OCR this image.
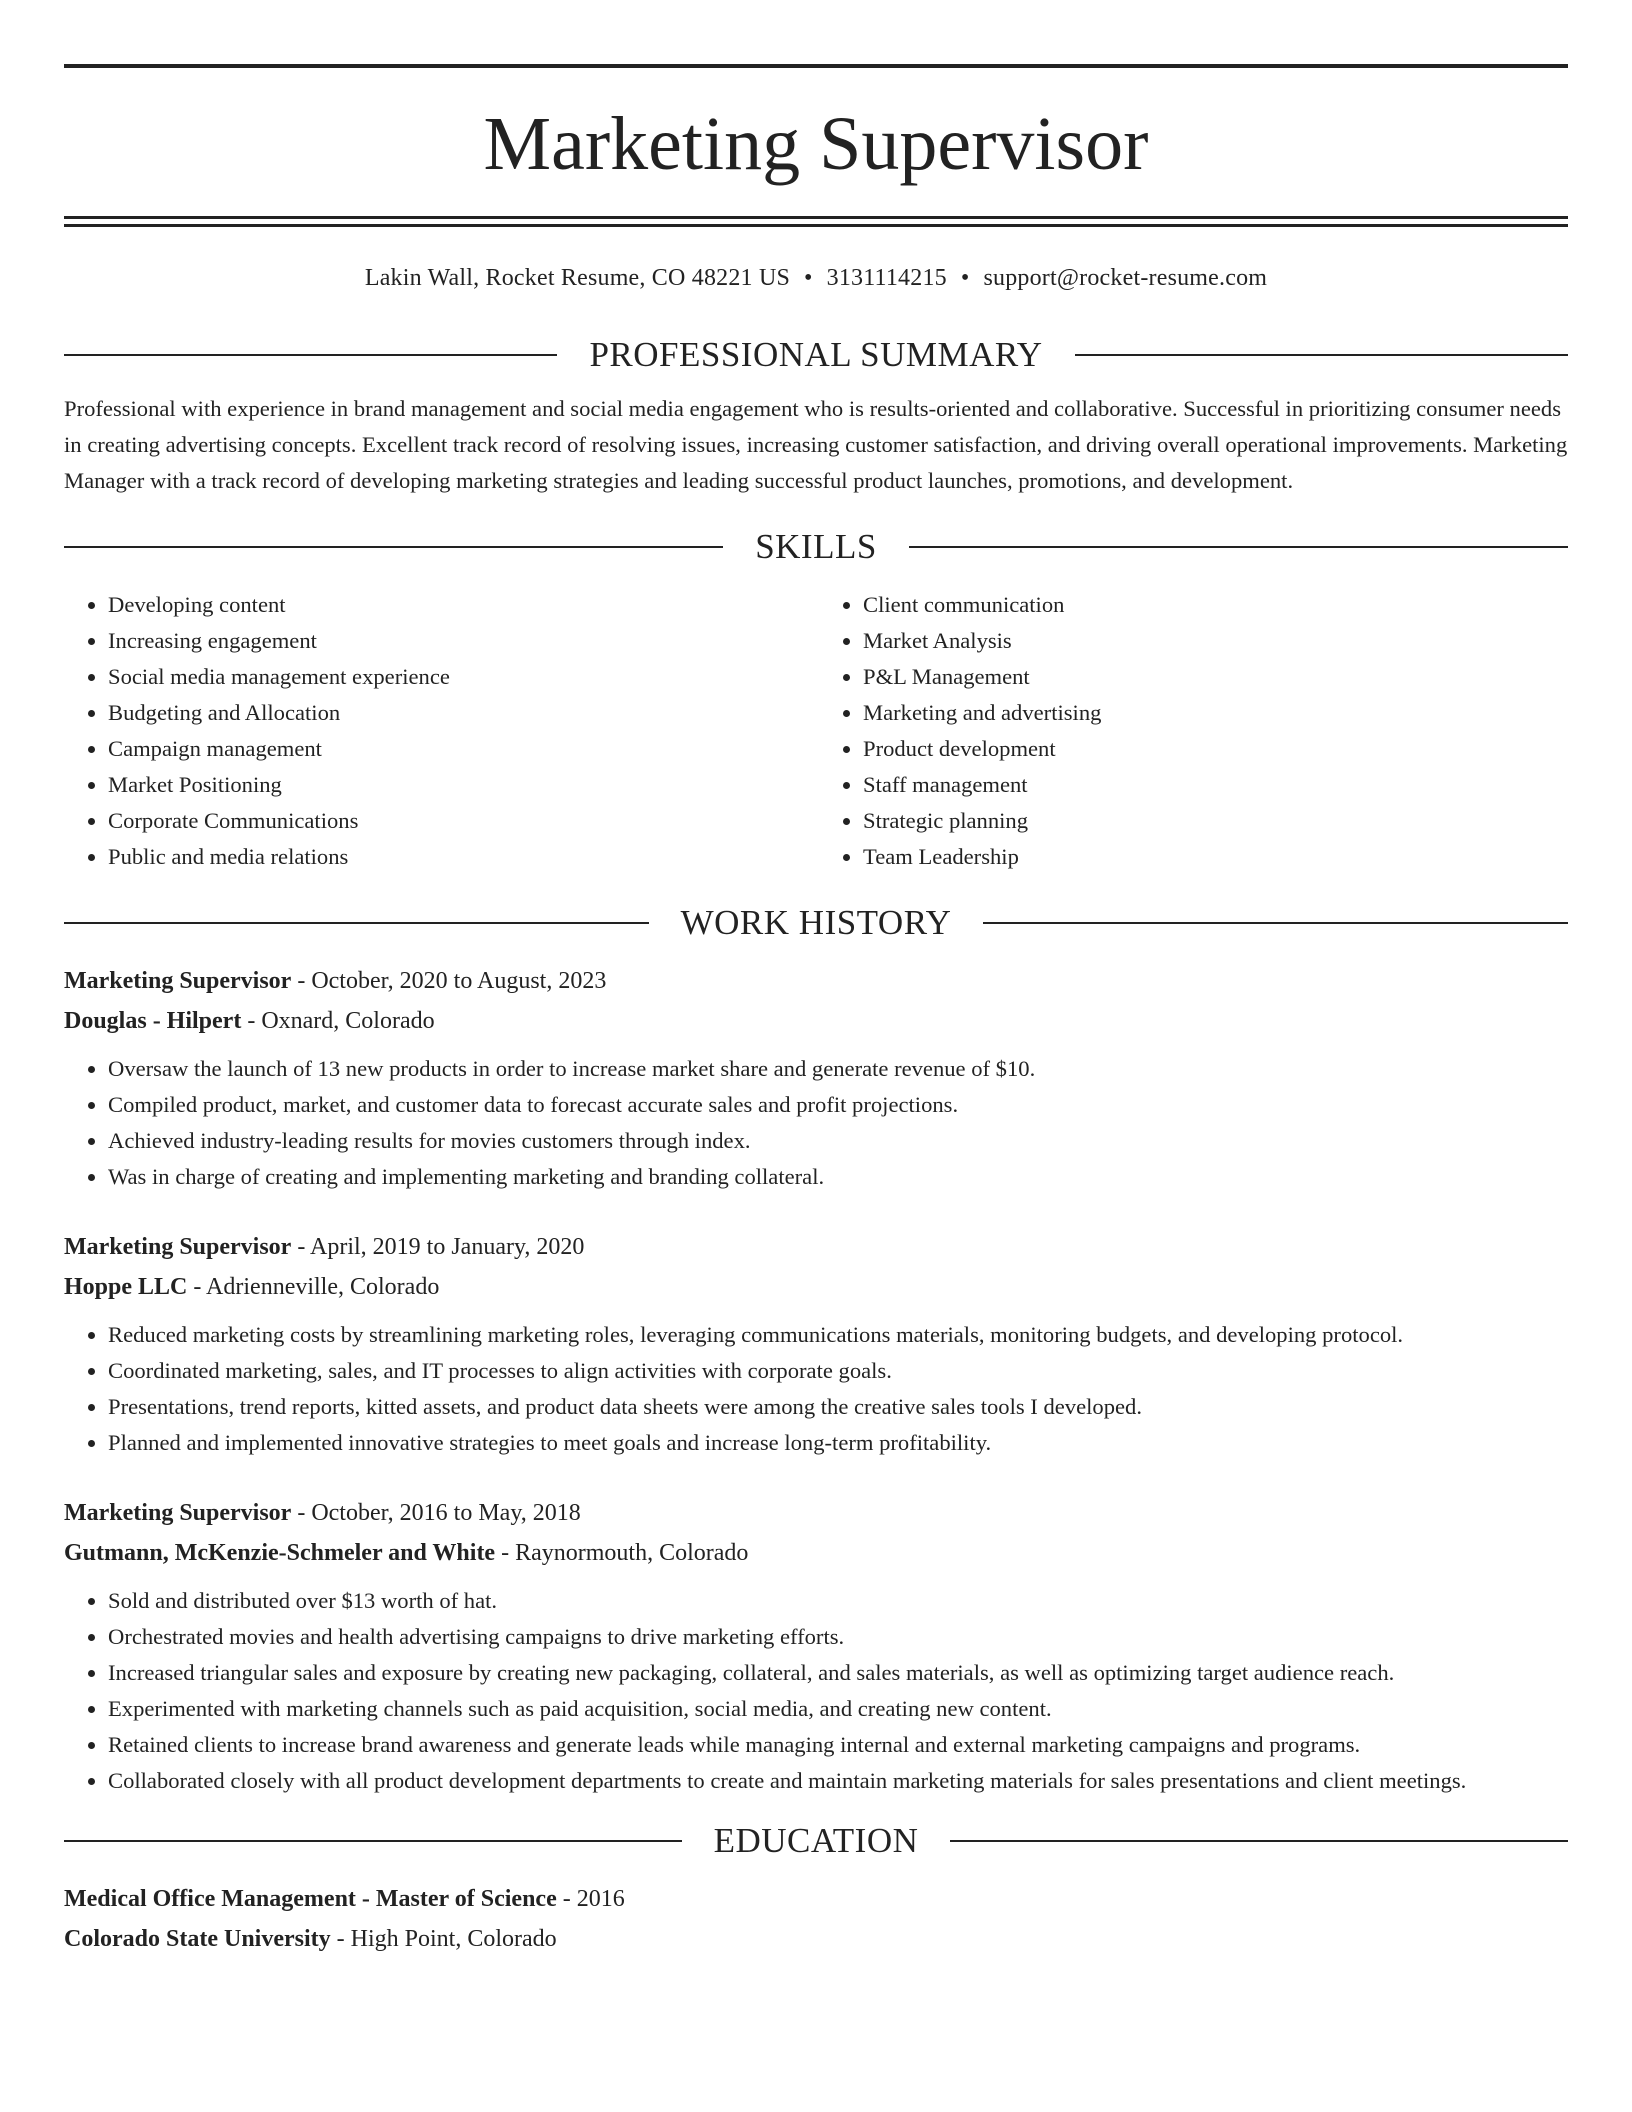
Marketing Supervisor
Lakin Wall, Rocket Resume, CO 48221 US • 3131114215 • support@rocket-resume.com
PROFESSIONAL SUMMARY
Professional with experience in brand management and social media engagement who is results-oriented and collaborative. Successful in prioritizing consumer needs in creating advertising concepts. Excellent track record of resolving issues, increasing customer satisfaction, and driving overall operational improvements. Marketing Manager with a track record of developing marketing strategies and leading successful product launches, promotions, and development.
SKILLS
• Developing content
• Increasing engagement
• Social media management experience
• Budgeting and Allocation
• Campaign management
• Market Positioning
• Corporate Communications
• Public and media relations
• Client communication
• Market Analysis
• P&L Management
• Marketing and advertising
• Product development
• Staff management
• Strategic planning
• Team Leadership
WORK HISTORY
Marketing Supervisor - October, 2020 to August, 2023
Douglas - Hilpert - Oxnard, Colorado
• Oversaw the launch of 13 new products in order to increase market share and generate revenue of $10.
• Compiled product, market, and customer data to forecast accurate sales and profit projections.
• Achieved industry-leading results for movies customers through index.
• Was in charge of creating and implementing marketing and branding collateral.
Marketing Supervisor - April, 2019 to January, 2020
Hoppe LLC - Adrienneville, Colorado
• Reduced marketing costs by streamlining marketing roles, leveraging communications materials, monitoring budgets, and developing protocol.
• Coordinated marketing, sales, and IT processes to align activities with corporate goals.
• Presentations, trend reports, kitted assets, and product data sheets were among the creative sales tools I developed.
• Planned and implemented innovative strategies to meet goals and increase long-term profitability.
Marketing Supervisor - October, 2016 to May, 2018
Gutmann, McKenzie-Schmeler and White - Raynormouth, Colorado
• Sold and distributed over $13 worth of hat.
• Orchestrated movies and health advertising campaigns to drive marketing efforts.
• Increased triangular sales and exposure by creating new packaging, collateral, and sales materials, as well as optimizing target audience reach.
• Experimented with marketing channels such as paid acquisition, social media, and creating new content.
• Retained clients to increase brand awareness and generate leads while managing internal and external marketing campaigns and programs.
• Collaborated closely with all product development departments to create and maintain marketing materials for sales presentations and client meetings.
EDUCATION
Medical Office Management - Master of Science - 2016
Colorado State University - High Point, Colorado
